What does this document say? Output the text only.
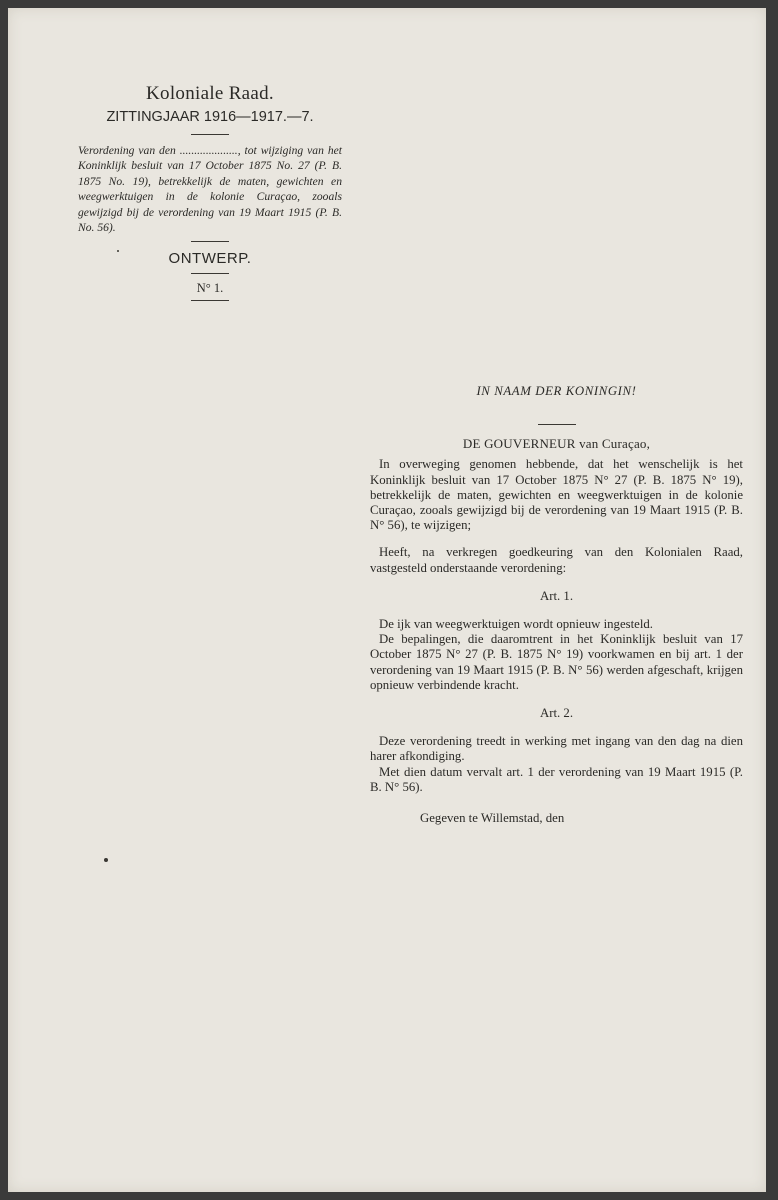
Koloniale Raad.

ZITTINGJAAR 1916—1917.—7.

Verordening van den ...................., tot wijziging van het Koninklijk besluit van 17 October 1875 No. 27 (P. B. 1875 No. 19), betrekkelijk de maten, gewichten en weegwerktuigen in de kolonie Curaçao, zooals gewijzigd bij de verordening van 19 Maart 1915 (P. B. No. 56).

ONTWERP.

N° 1.

IN NAAM DER KONINGIN!

DE GOUVERNEUR van Curaçao,

In overweging genomen hebbende, dat het wenschelijk is het Koninklijk besluit van 17 October 1875 N° 27 (P. B. 1875 N° 19), betrekkelijk de maten, gewichten en weegwerktuigen in de kolonie Curaçao, zooals gewijzigd bij de verordening van 19 Maart 1915 (P. B. N° 56), te wijzigen;

Heeft, na verkregen goedkeuring van den Kolonialen Raad, vastgesteld onderstaande verordening:

Art. 1.

De ijk van weegwerktuigen wordt opnieuw ingesteld.

De bepalingen, die daaromtrent in het Koninklijk besluit van 17 October 1875 N° 27 (P. B. 1875 N° 19) voorkwamen en bij art. 1 der verordening van 19 Maart 1915 (P. B. N° 56) werden afgeschaft, krijgen opnieuw verbindende kracht.

Art. 2.

Deze verordening treedt in werking met ingang van den dag na dien harer afkondiging.

Met dien datum vervalt art. 1 der verordening van 19 Maart 1915 (P. B. N° 56).

Gegeven te Willemstad, den
